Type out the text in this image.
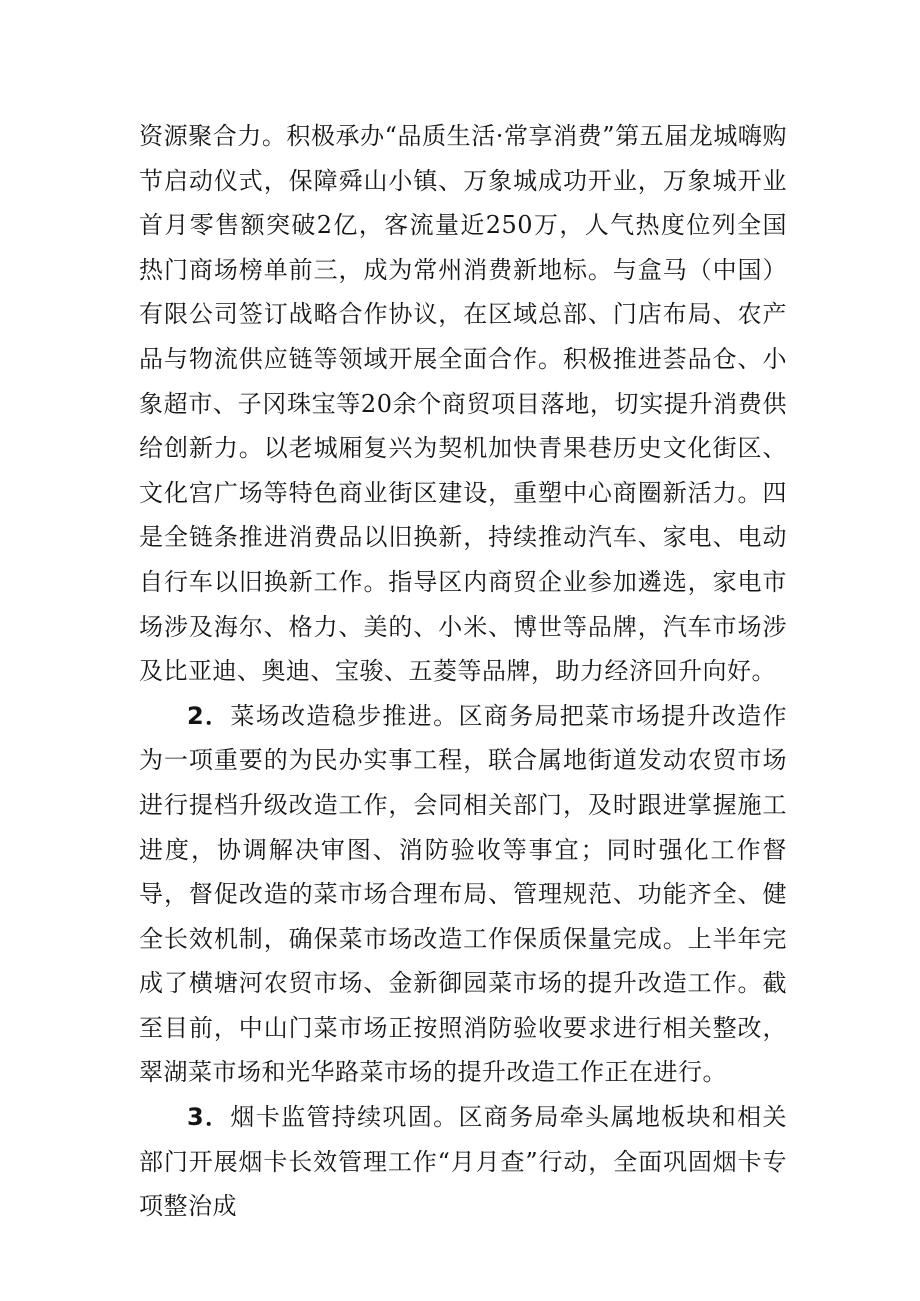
资源聚合力。积极承办“品质生活·常享消费”第五届龙城嗨购节启动仪式，保障舜山小镇、万象城成功开业，万象城开业首月零售额突破2亿，客流量近250万，人气热度位列全国热门商场榜单前三，成为常州消费新地标。与盒马（中国）有限公司签订战略合作协议，在区域总部、门店布局、农产品与物流供应链等领域开展全面合作。积极推进荟品仓、小象超市、子冈珠宝等20余个商贸项目落地，切实提升消费供给创新力。以老城厢复兴为契机加快青果巷历史文化街区、文化宫广场等特色商业街区建设，重塑中心商圈新活力。四是全链条推进消费品以旧换新，持续推动汽车、家电、电动自行车以旧换新工作。指导区内商贸企业参加遴选，家电市场涉及海尔、格力、美的、小米、博世等品牌，汽车市场涉及比亚迪、奥迪、宝骏、五菱等品牌，助力经济回升向好。

2．菜场改造稳步推进。区商务局把菜市场提升改造作为一项重要的为民办实事工程，联合属地街道发动农贸市场进行提档升级改造工作，会同相关部门，及时跟进掌握施工进度，协调解决审图、消防验收等事宜；同时强化工作督导，督促改造的菜市场合理布局、管理规范、功能齐全、健全长效机制，确保菜市场改造工作保质保量完成。上半年完成了横塘河农贸市场、金新御园菜市场的提升改造工作。截至目前，中山门菜市场正按照消防验收要求进行相关整改，翠湖菜市场和光华路菜市场的提升改造工作正在进行。

3．烟卡监管持续巩固。区商务局牵头属地板块和相关部门开展烟卡长效管理工作“月月查”行动，全面巩固烟卡专项整治成
